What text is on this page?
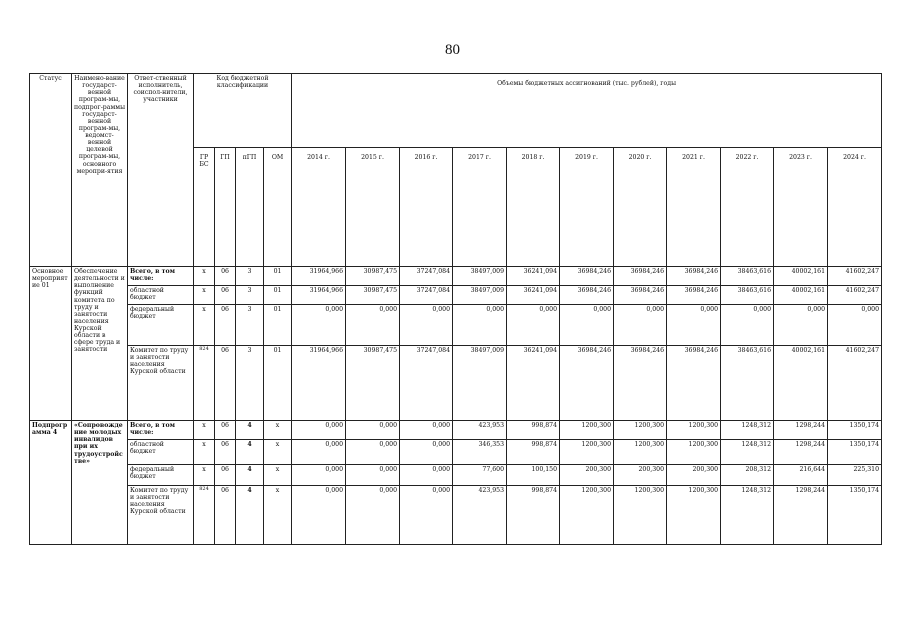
80
Статус	Наимено-вание государст-венной програм-мы, подпрог-раммы государст-венной програм-мы, ведомст-венной целевой програм-мы, основного меропри-ятия	Ответ-ственный исполнитель, соиспол-нители, участники	Код бюджетной классификации				Объемы бюджетных ассигнований (тыс. рублей), годы										
			ГР БС	ГП	пГП	ОМ	2014 г.	2015 г.	2016 г.	2017 г.	2018 г.	2019 г.	2020 г.	2021 г.	2022 г.	2023 г.	2024 г.
Основное мероприятие 01	Обеспечение деятельности и выполнение функций комитета по труду и занятости населения Курской области в сфере труда и занятости	Всего, в том числе:	х	06	3	01	31964,966	30987,475	37247,084	38497,009	36241,094	36984,246	36984,246	36984,246	38463,616	40002,161	41602,247
		областной бюджет	х	06	3	01	31964,966	30987,475	37247,084	38497,009	36241,094	36984,246	36984,246	36984,246	38463,616	40002,161	41602,247
		федеральный бюджет	х	06	3	01	0,000	0,000	0,000	0,000	0,000	0,000	0,000	0,000	0,000	0,000	0,000
		Комитет по труду и занятости населения Курской области	824	06	3	01	31964,966	30987,475	37247,084	38497,009	36241,094	36984,246	36984,246	36984,246	38463,616	40002,161	41602,247
Подпрограмма 4	«Сопровождение молодых инвалидов при их трудоустройстве»	Всего, в том числе:	х	06	4	х	0,000	0,000	0,000	423,953	998,874	1200,300	1200,300	1200,300	1248,312	1298,244	1350,174
		областной бюджет	х	06	4	х	0,000	0,000	0,000	346,353	998,874	1200,300	1200,300	1200,300	1248,312	1298,244	1350,174
		федеральный бюджет	х	06	4	х	0,000	0,000	0,000	77,600	100,150	200,300	200,300	200,300	208,312	216,644	225,310
		Комитет по труду и занятости населения Курской области	824	06	4	х	0,000	0,000	0,000	423,953	998,874	1200,300	1200,300	1200,300	1248,312	1298,244	1350,174
